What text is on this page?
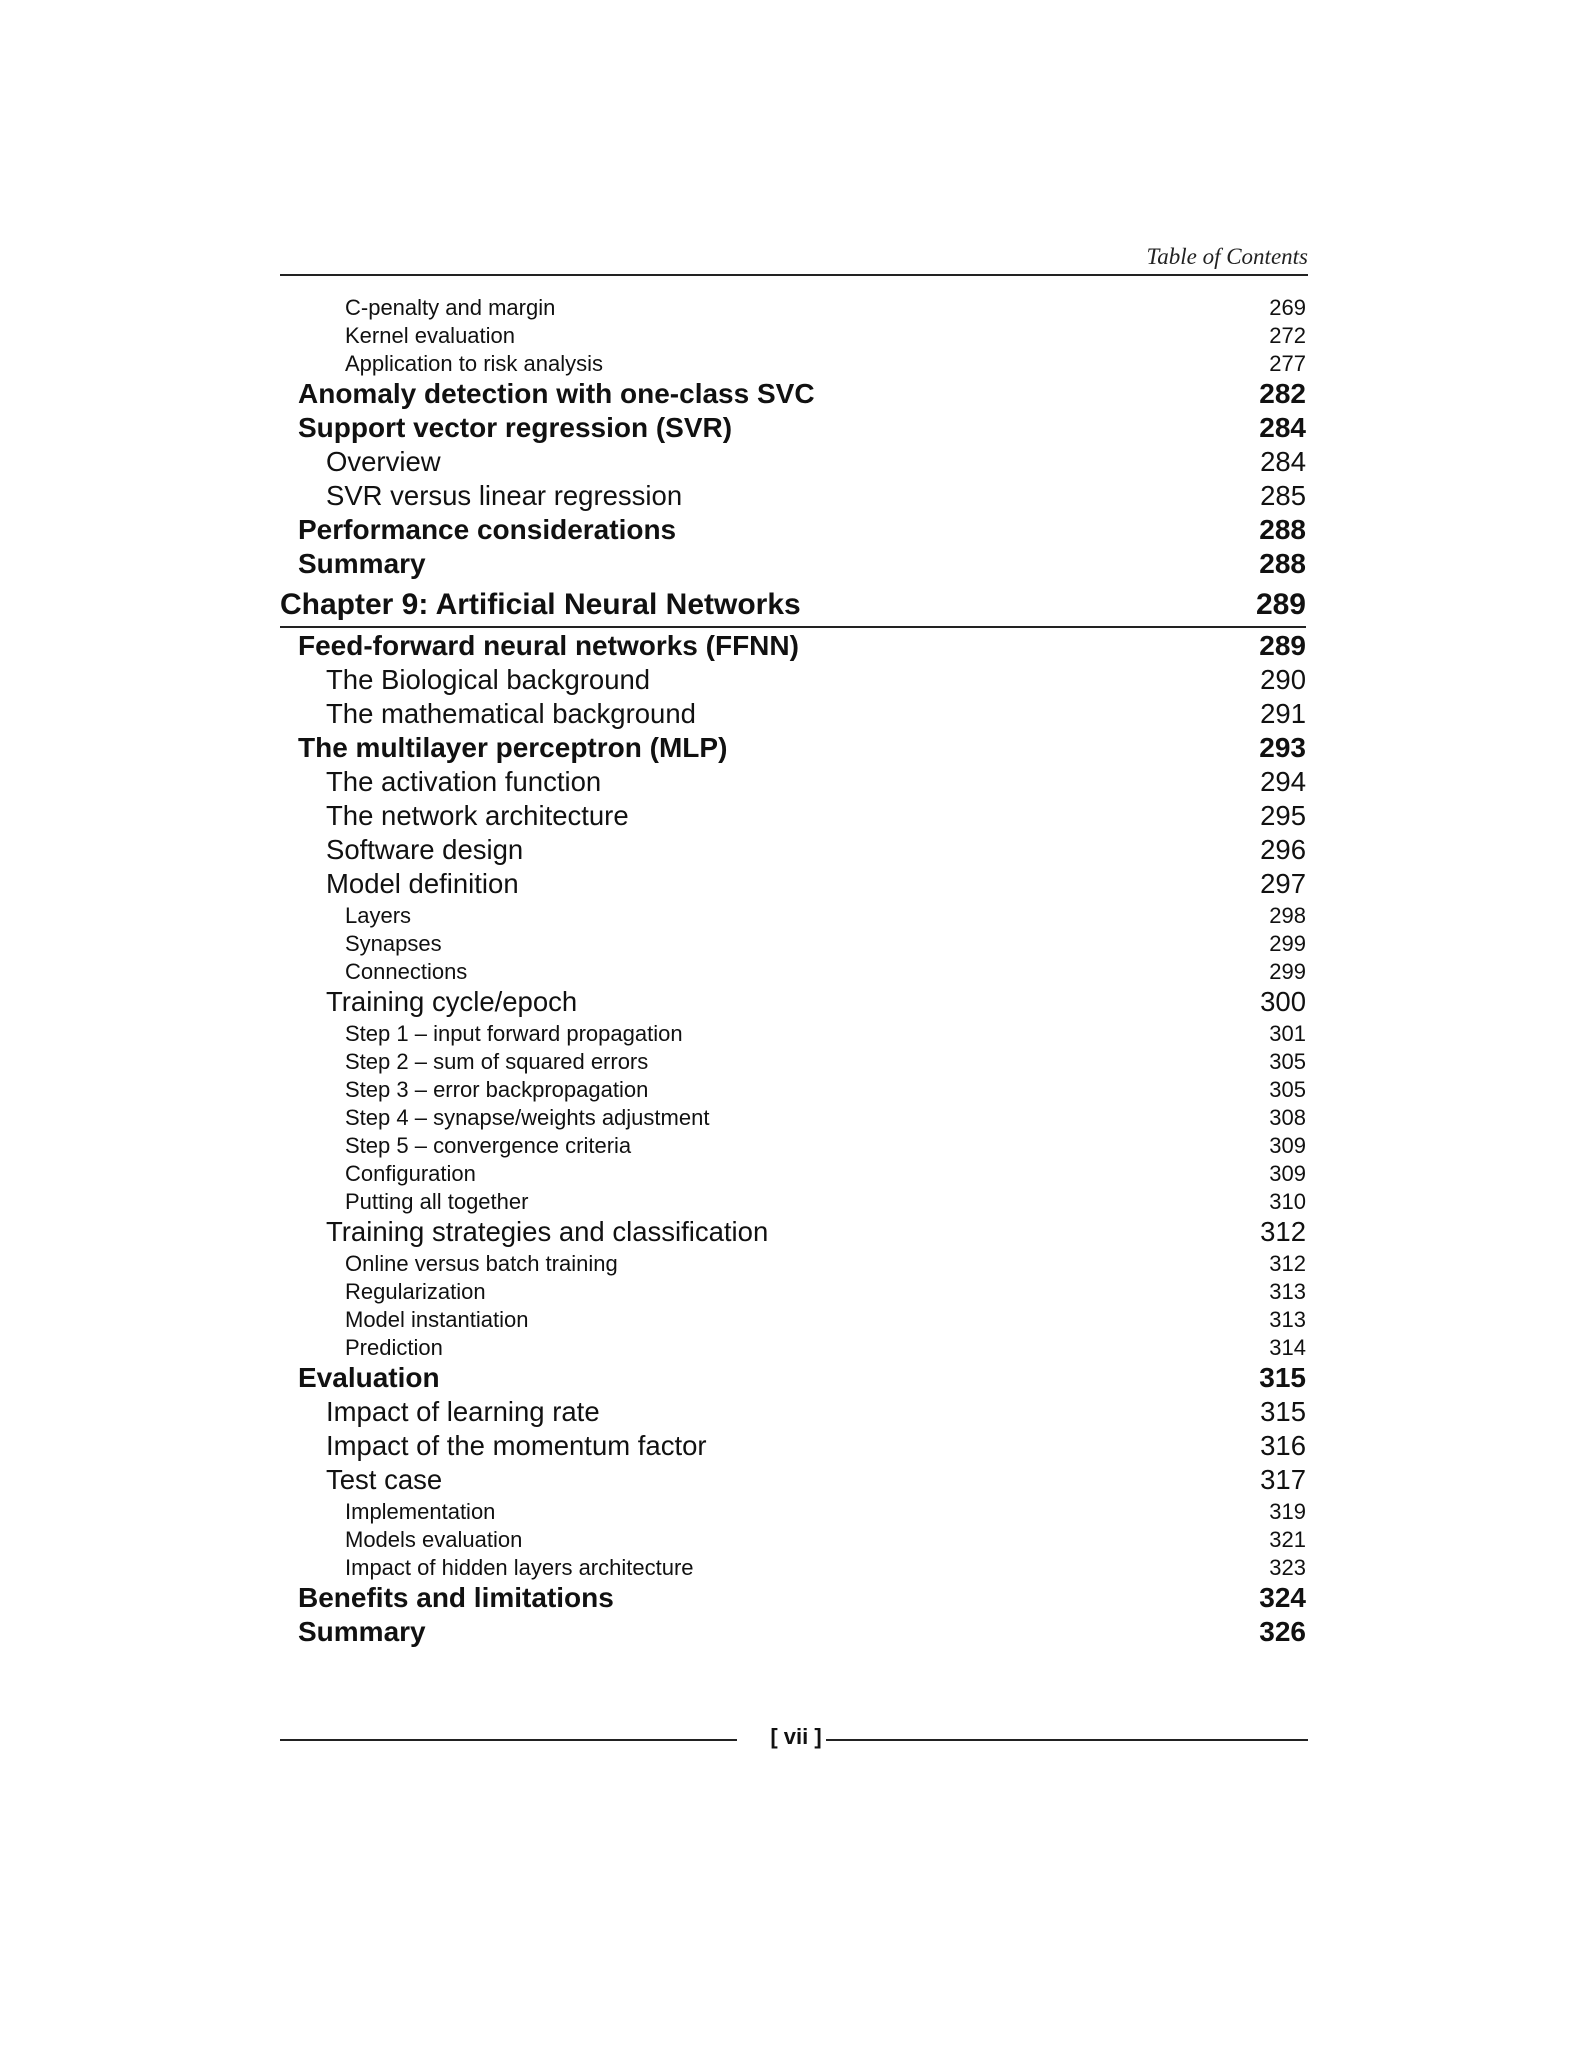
Table of Contents
C-penalty and margin	269
Kernel evaluation	272
Application to risk analysis	277
Anomaly detection with one-class SVC	282
Support vector regression (SVR)	284
Overview	284
SVR versus linear regression	285
Performance considerations	288
Summary	288
Chapter 9: Artificial Neural Networks	289
Feed-forward neural networks (FFNN)	289
The Biological background	290
The mathematical background	291
The multilayer perceptron (MLP)	293
The activation function	294
The network architecture	295
Software design	296
Model definition	297
Layers	298
Synapses	299
Connections	299
Training cycle/epoch	300
Step 1 – input forward propagation	301
Step 2 – sum of squared errors	305
Step 3 – error backpropagation	305
Step 4 – synapse/weights adjustment	308
Step 5 – convergence criteria	309
Configuration	309
Putting all together	310
Training strategies and classification	312
Online versus batch training	312
Regularization	313
Model instantiation	313
Prediction	314
Evaluation	315
Impact of learning rate	315
Impact of the momentum factor	316
Test case	317
Implementation	319
Models evaluation	321
Impact of hidden layers architecture	323
Benefits and limitations	324
Summary	326
[ vii ]
